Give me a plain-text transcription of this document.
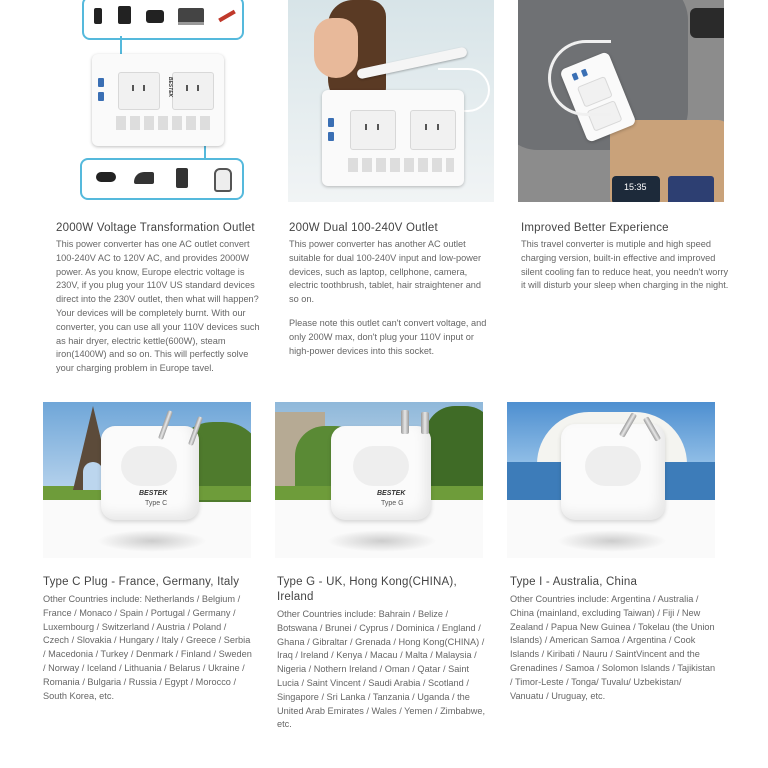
BESTEK
15:35
2000W Voltage Transformation Outlet
This power converter has one AC outlet convert 100-240V AC to 120V AC, and provides 2000W power. As you know, Europe electric voltage is 230V, if you plug your 110V US standard devices direct into the 230V outlet, then what will happen? Your devices will be completely burnt. With our converter, you can use all your 110V devices such as hair dryer, electric kettle(600W), steam iron(1400W) and so on. This will perfectly solve your charging problem in Europe tavel.
200W Dual 100-240V Outlet
This power converter has another AC outlet suitable for dual 100-240V input and low-power devices, such as laptop, cellphone, camera, electric toothbrush, tablet, hair straightener and so on.
Please note this outlet can't convert voltage, and only 200W max, don't plug your 110V input or high-power devices into this socket.
Improved Better Experience
This travel converter is mutiple and high speed charging version, built-in effective and improved silent cooling fan to reduce heat, you needn't worry it will disturb your sleep when charging in the night.
BESTEK
Type C
BESTEK
Type G
Type C Plug - France, Germany, Italy
Other Countries include: Netherlands / Belgium / France / Monaco / Spain / Portugal / Germany / Luxembourg / Switzerland / Austria / Poland / Czech / Slovakia / Hungary / Italy / Greece / Serbia / Macedonia / Turkey / Denmark / Finland / Sweden / Norway / Iceland / Lithuania / Belarus / Ukraine / Romania / Bulgaria / Russia / Egypt / Morocco / South Korea, etc.
Type G - UK, Hong Kong(CHINA), Ireland
Other Countries include: Bahrain / Belize / Botswana / Brunei / Cyprus / Dominica / England / Ghana / Gibraltar / Grenada / Hong Kong(CHINA) / Iraq / Ireland / Kenya / Macau / Malta / Malaysia / Nigeria / Nothern Ireland / Oman / Qatar / Saint Lucia / Saint Vincent / Saudi Arabia / Scotland / Singapore / Sri Lanka / Tanzania / Uganda / the United Arab Emirates / Wales / Yemen / Zimbabwe, etc.
Type I - Australia, China
Other Countries include: Argentina / Australia / China (mainland, excluding Taiwan) / Fiji / New Zealand / Papua New Guinea / Tokelau (the Union Islands) / American Samoa / Argentina / Cook Islands / Kiribati / Nauru / SaintVincent and the Grenadines / Samoa / Solomon Islands / Tajikistan / Timor-Leste / Tonga/ Tuvalu/ Uzbekistan/ Vanuatu / Uruguay, etc.
